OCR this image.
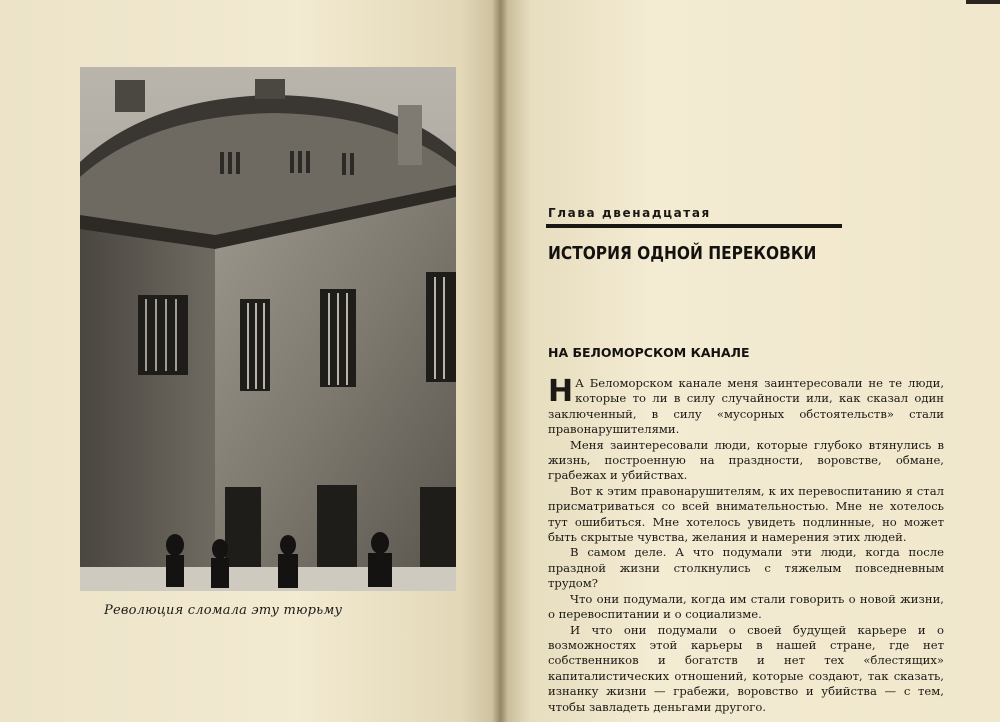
Революция сломала эту тюрьму
Глава двенадцатая
ИСТОРИЯ ОДНОЙ ПЕРЕКОВКИ
НА БЕЛОМОРСКОМ КАНАЛЕ

Н А Беломорском канале меня заинтересовали не те люди, которые то ли в силу случайности или, как сказал один заключенный, в силу «мусорных обстоятельств» стали правонарушителями.

Меня заинтересовали люди, которые глубоко втянулись в жизнь, построенную на праздности, воровстве, обмане, грабежах и убийствах.

Вот к этим правонарушителям, к их перевоспитанию я стал присматриваться со всей внимательностью. Мне не хотелось тут ошибиться. Мне хотелось увидеть подлинные, но может быть скрытые чувства, желания и намерения этих людей.

В самом деле. А что подумали эти люди, когда после праздной жизни столкнулись с тяжелым повседневным трудом?

Что они подумали, когда им стали говорить о новой жизни, о перевоспитании и о социализме.

И что они подумали о своей будущей карьере и о возможностях этой карьеры в нашей стране, где нет собственников и богатств и нет тех «блестящих» капиталистических отношений, которые создают, так сказать, изнанку жизни — грабежи, воровство и убийства — с тем, чтобы завладеть деньгами другого.
